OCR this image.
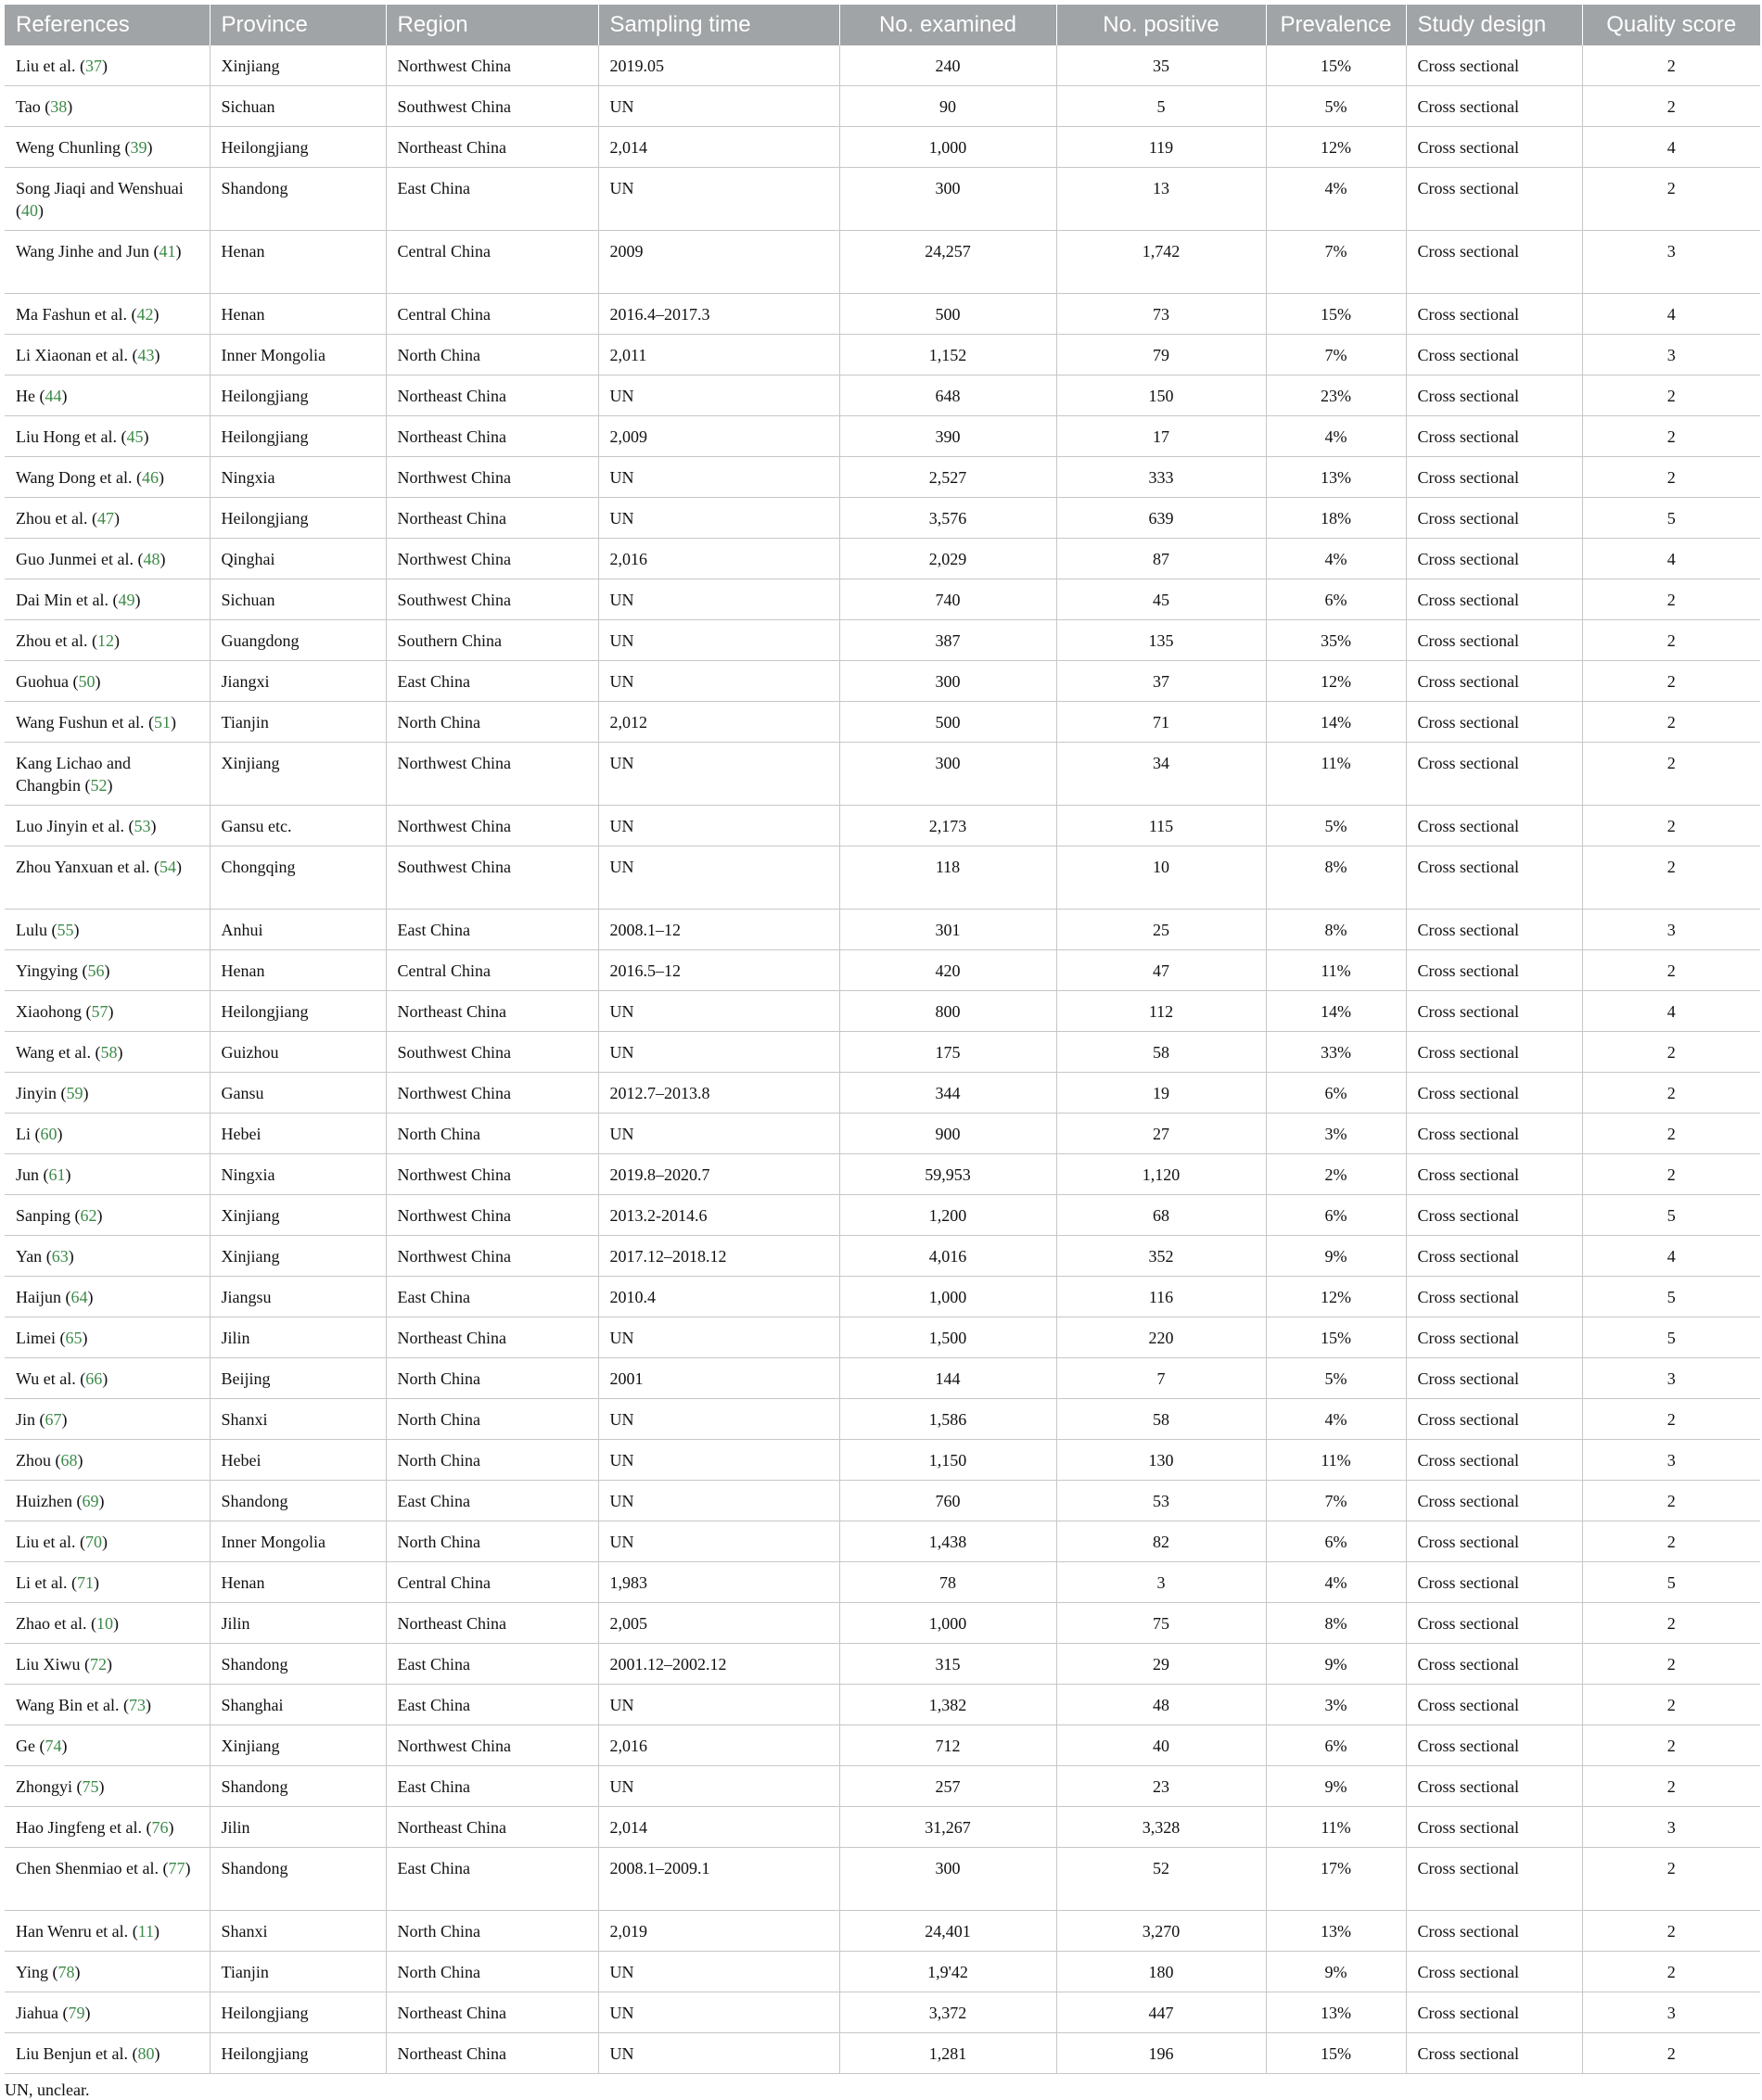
References	Province	Region	Sampling time	No. examined	No. positive	Prevalence	Study design	Quality score
Liu et al. (37)	Xinjiang	Northwest China	2019.05	240	35	15%	Cross sectional	2
Tao (38)	Sichuan	Southwest China	UN	90	5	5%	Cross sectional	2
Weng Chunling (39)	Heilongjiang	Northeast China	2,014	1,000	119	12%	Cross sectional	4
Song Jiaqi and Wenshuai (40)	Shandong	East China	UN	300	13	4%	Cross sectional	2
Wang Jinhe and Jun (41)	Henan	Central China	2009	24,257	1,742	7%	Cross sectional	3
Ma Fashun et al. (42)	Henan	Central China	2016.4–2017.3	500	73	15%	Cross sectional	4
Li Xiaonan et al. (43)	Inner Mongolia	North China	2,011	1,152	79	7%	Cross sectional	3
He (44)	Heilongjiang	Northeast China	UN	648	150	23%	Cross sectional	2
Liu Hong et al. (45)	Heilongjiang	Northeast China	2,009	390	17	4%	Cross sectional	2
Wang Dong et al. (46)	Ningxia	Northwest China	UN	2,527	333	13%	Cross sectional	2
Zhou et al. (47)	Heilongjiang	Northeast China	UN	3,576	639	18%	Cross sectional	5
Guo Junmei et al. (48)	Qinghai	Northwest China	2,016	2,029	87	4%	Cross sectional	4
Dai Min et al. (49)	Sichuan	Southwest China	UN	740	45	6%	Cross sectional	2
Zhou et al. (12)	Guangdong	Southern China	UN	387	135	35%	Cross sectional	2
Guohua (50)	Jiangxi	East China	UN	300	37	12%	Cross sectional	2
Wang Fushun et al. (51)	Tianjin	North China	2,012	500	71	14%	Cross sectional	2
Kang Lichao and Changbin (52)	Xinjiang	Northwest China	UN	300	34	11%	Cross sectional	2
Luo Jinyin et al. (53)	Gansu etc.	Northwest China	UN	2,173	115	5%	Cross sectional	2
Zhou Yanxuan et al. (54)	Chongqing	Southwest China	UN	118	10	8%	Cross sectional	2
Lulu (55)	Anhui	East China	2008.1–12	301	25	8%	Cross sectional	3
Yingying (56)	Henan	Central China	2016.5–12	420	47	11%	Cross sectional	2
Xiaohong (57)	Heilongjiang	Northeast China	UN	800	112	14%	Cross sectional	4
Wang et al. (58)	Guizhou	Southwest China	UN	175	58	33%	Cross sectional	2
Jinyin (59)	Gansu	Northwest China	2012.7–2013.8	344	19	6%	Cross sectional	2
Li (60)	Hebei	North China	UN	900	27	3%	Cross sectional	2
Jun (61)	Ningxia	Northwest China	2019.8–2020.7	59,953	1,120	2%	Cross sectional	2
Sanping (62)	Xinjiang	Northwest China	2013.2-2014.6	1,200	68	6%	Cross sectional	5
Yan (63)	Xinjiang	Northwest China	2017.12–2018.12	4,016	352	9%	Cross sectional	4
Haijun (64)	Jiangsu	East China	2010.4	1,000	116	12%	Cross sectional	5
Limei (65)	Jilin	Northeast China	UN	1,500	220	15%	Cross sectional	5
Wu et al. (66)	Beijing	North China	2001	144	7	5%	Cross sectional	3
Jin (67)	Shanxi	North China	UN	1,586	58	4%	Cross sectional	2
Zhou (68)	Hebei	North China	UN	1,150	130	11%	Cross sectional	3
Huizhen (69)	Shandong	East China	UN	760	53	7%	Cross sectional	2
Liu et al. (70)	Inner Mongolia	North China	UN	1,438	82	6%	Cross sectional	2
Li et al. (71)	Henan	Central China	1,983	78	3	4%	Cross sectional	5
Zhao et al. (10)	Jilin	Northeast China	2,005	1,000	75	8%	Cross sectional	2
Liu Xiwu (72)	Shandong	East China	2001.12–2002.12	315	29	9%	Cross sectional	2
Wang Bin et al. (73)	Shanghai	East China	UN	1,382	48	3%	Cross sectional	2
Ge (74)	Xinjiang	Northwest China	2,016	712	40	6%	Cross sectional	2
Zhongyi (75)	Shandong	East China	UN	257	23	9%	Cross sectional	2
Hao Jingfeng et al. (76)	Jilin	Northeast China	2,014	31,267	3,328	11%	Cross sectional	3
Chen Shenmiao et al. (77)	Shandong	East China	2008.1–2009.1	300	52	17%	Cross sectional	2
Han Wenru et al. (11)	Shanxi	North China	2,019	24,401	3,270	13%	Cross sectional	2
Ying (78)	Tianjin	North China	UN	1,9'42	180	9%	Cross sectional	2
Jiahua (79)	Heilongjiang	Northeast China	UN	3,372	447	13%	Cross sectional	3
Liu Benjun et al. (80)	Heilongjiang	Northeast China	UN	1,281	196	15%	Cross sectional	2
UN, unclear.
